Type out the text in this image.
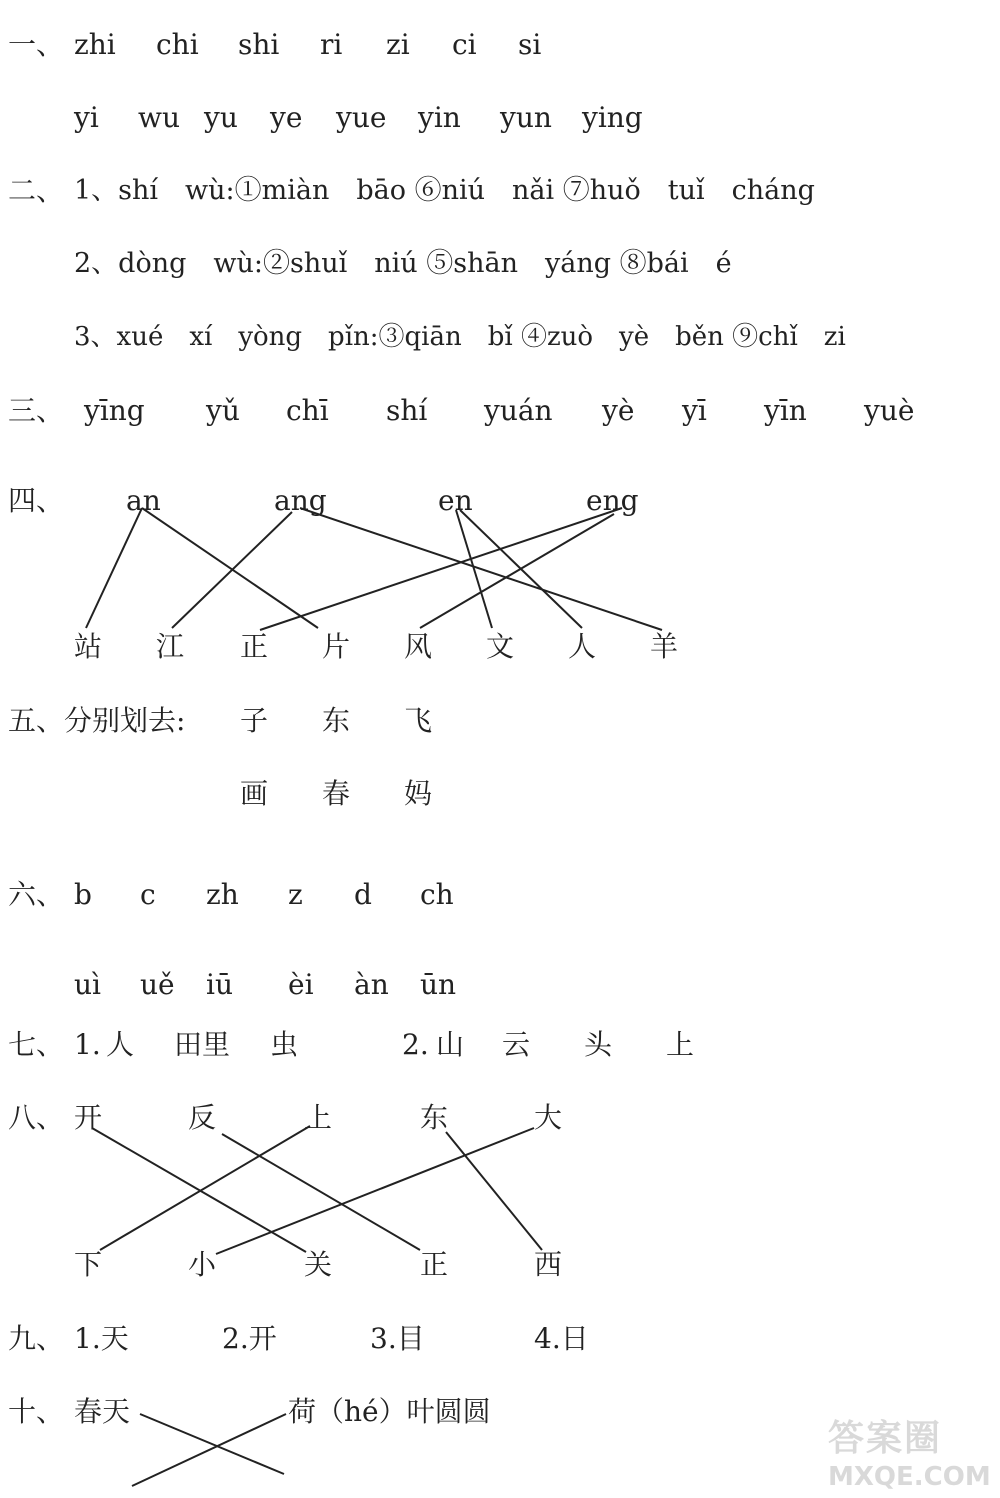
一、 zhi chi shi ri zi ci si
yi wu yu ye yue yin yun ying
二、 1、shí　wù:①miàn　bāo ⑥niú　nǎi ⑦huǒ　tuǐ　cháng
2、dòng　wù:②shuǐ　niú ⑤shān　yáng ⑧bái　é
3、xué　xí　yòng　pǐn:③qiān　bǐ ④zuò　yè　běn ⑨chǐ　zi
三、 yīng yǔ chī shí yuán yè yī yīn yuè
四、 an	ang	en	eng
站 江 正 片 风 文 人 羊
五、分别划去: 子 东 飞
画 春 妈
六、 b c zh z d ch
uì uě iū èi àn ūn
七、 1. 人 田里 虫	2. 山 云 头 上
八、 开	反	上	东	大
下	小	关	正	西
九、 1.天	2.开	3.目	4.日
十、 春天	荷（hé）叶圆圆
答案圈
MXQE.COM
